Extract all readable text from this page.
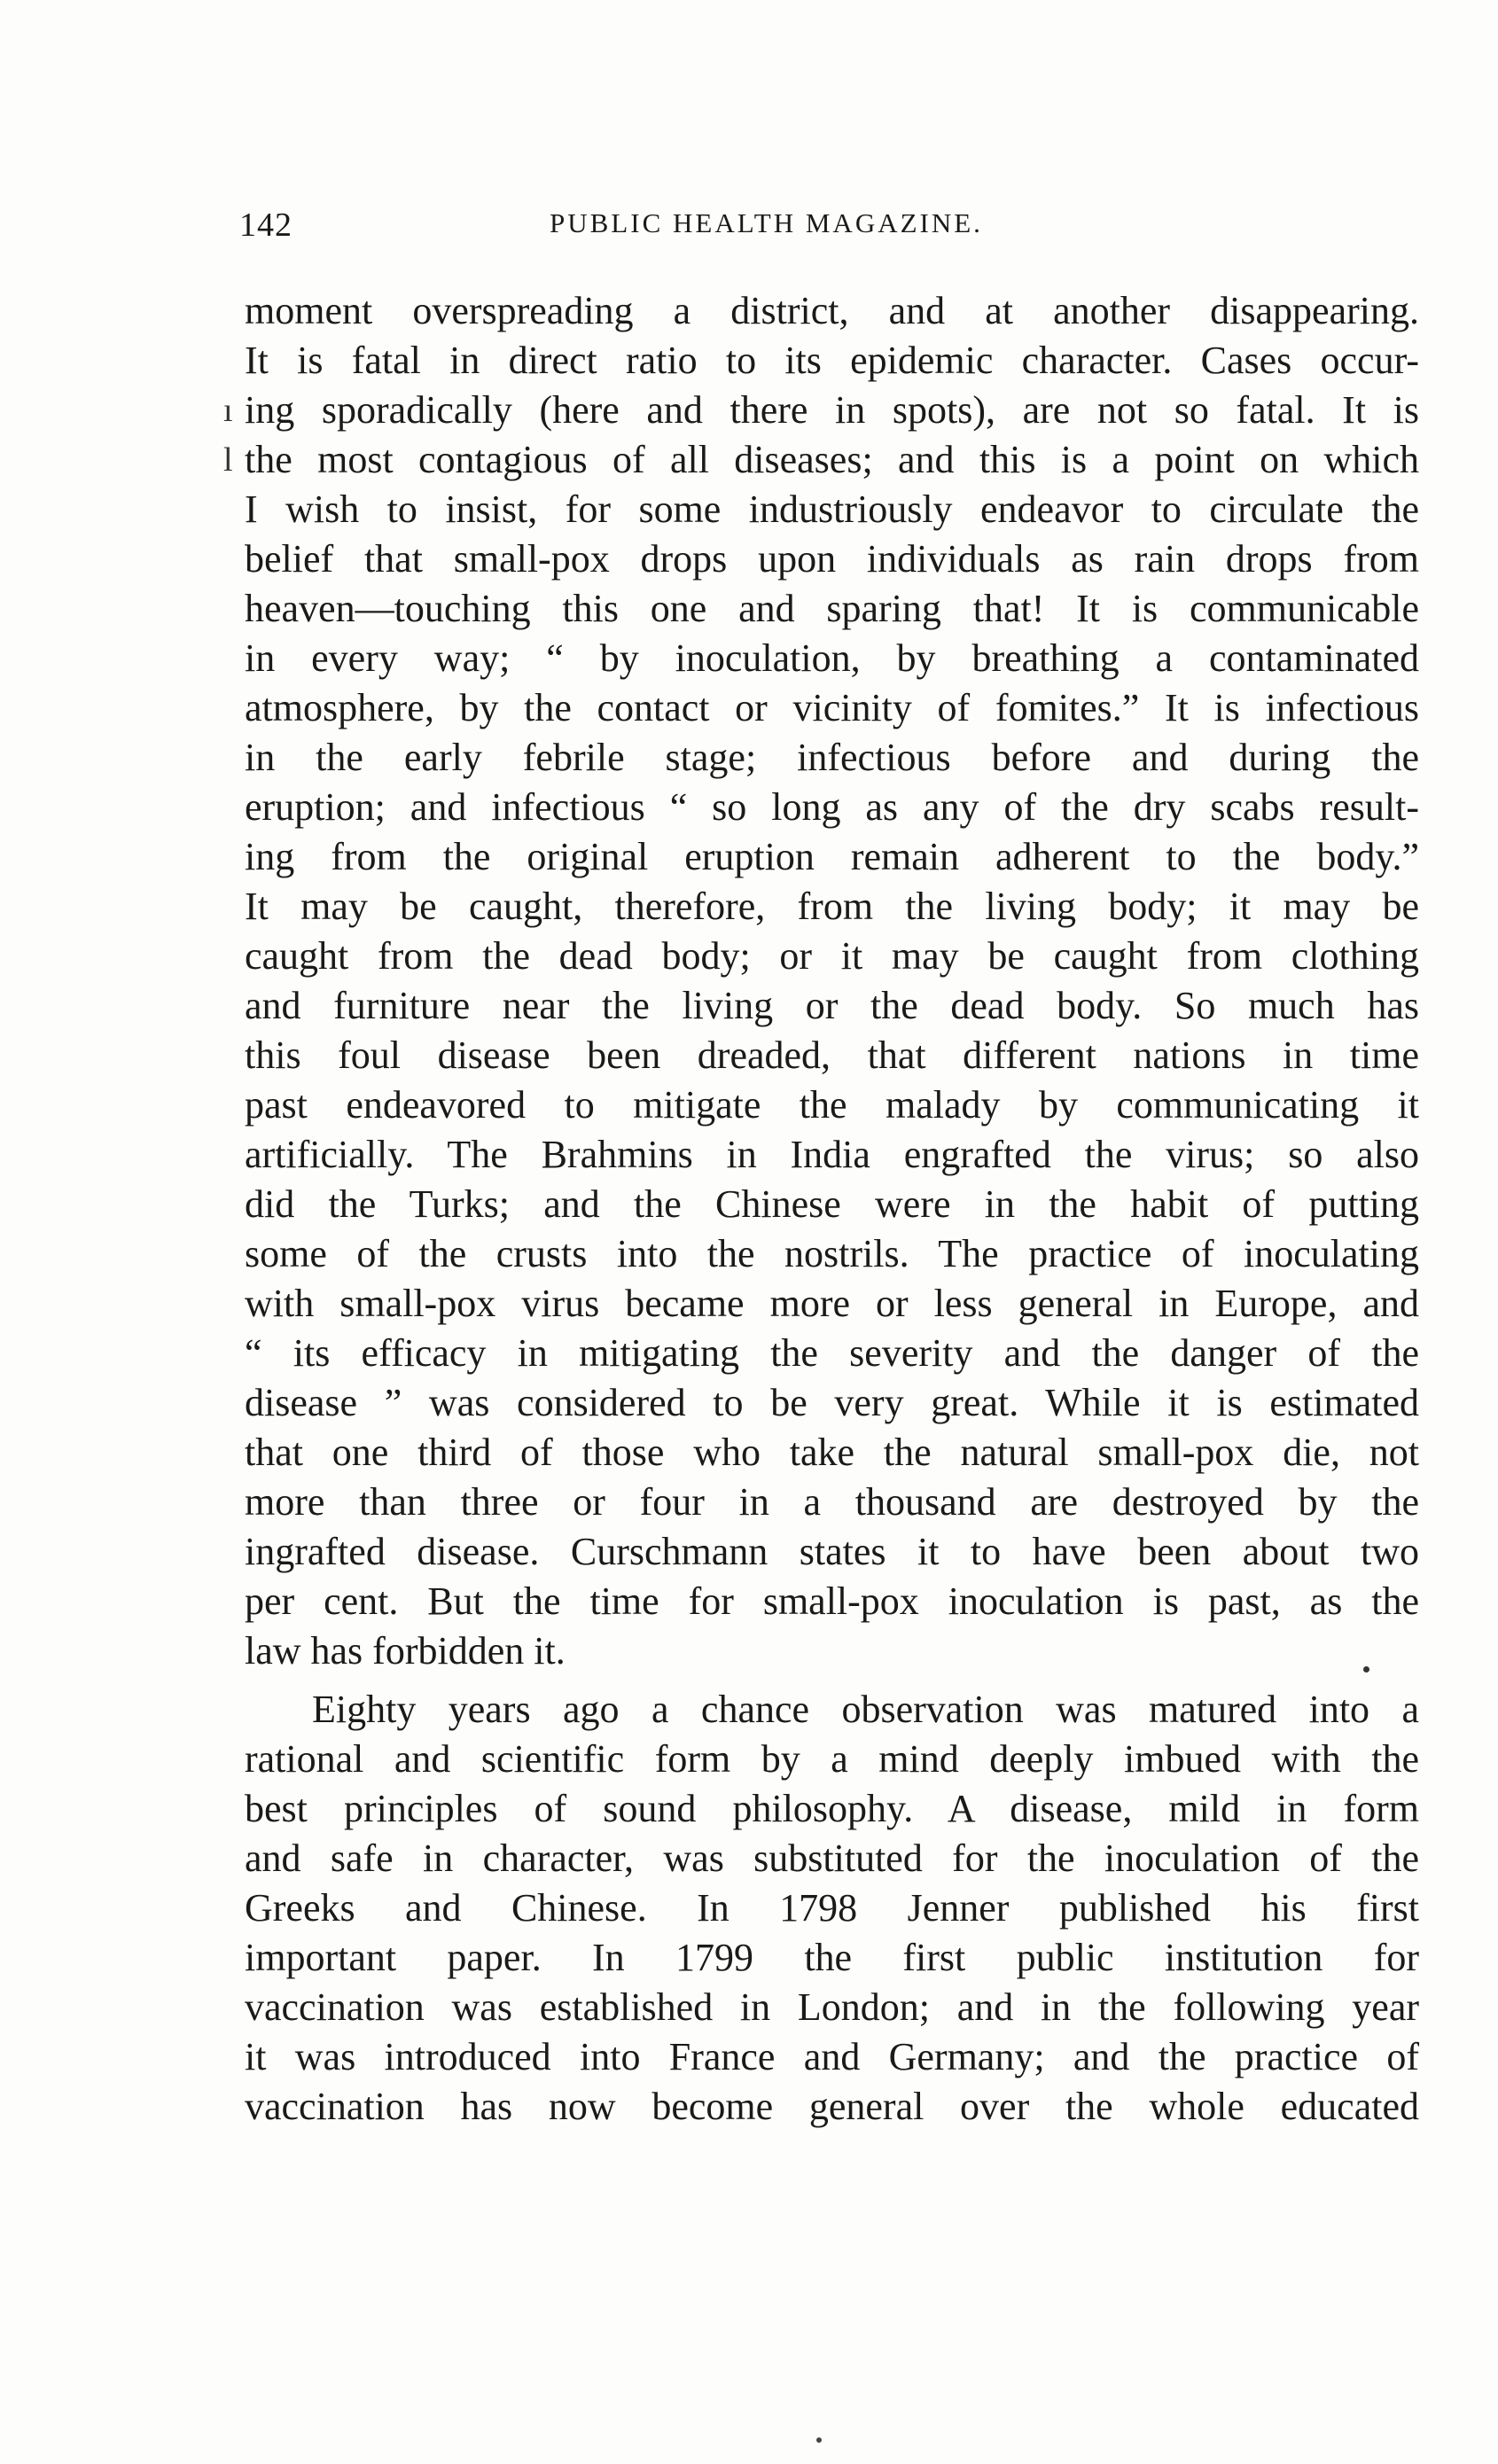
142	PUBLIC HEALTH MAGAZINE.
moment overspreading a district, and at another disappearing.
It is fatal in direct ratio to its epidemic character. Cases occur-
ı ing sporadically (here and there in spots), are not so fatal. It is
l the most contagious of all diseases; and this is a point on which
I wish to insist, for some industriously endeavor to circulate the
belief that small-pox drops upon individuals as rain drops from
heaven—touching this one and sparing that! It is communicable
in every way; “ by inoculation, by breathing a contaminated
atmosphere, by the contact or vicinity of fomites.” It is infectious
in the early febrile stage; infectious before and during the
eruption; and infectious “ so long as any of the dry scabs result-
ing from the original eruption remain adherent to the body.”
It may be caught, therefore, from the living body; it may be
caught from the dead body; or it may be caught from clothing
and furniture near the living or the dead body. So much has
this foul disease been dreaded, that different nations in time
past endeavored to mitigate the malady by communicating it
artificially. The Brahmins in India engrafted the virus; so also
did the Turks; and the Chinese were in the habit of putting
some of the crusts into the nostrils. The practice of inoculating
with small-pox virus became more or less general in Europe, and
“ its efficacy in mitigating the severity and the danger of the
disease ” was considered to be very great. While it is estimated
that one third of those who take the natural small-pox die, not
more than three or four in a thousand are destroyed by the
ingrafted disease. Curschmann states it to have been about two
per cent. But the time for small-pox inoculation is past, as the
law has forbidden it.
Eighty years ago a chance observation was matured into a
rational and scientific form by a mind deeply imbued with the
best principles of sound philosophy. A disease, mild in form
and safe in character, was substituted for the inoculation of the
Greeks and Chinese. In 1798 Jenner published his first
important paper. In 1799 the first public institution for
vaccination was established in London; and in the following year
it was introduced into France and Germany; and the practice of
vaccination has now become general over the whole educated
